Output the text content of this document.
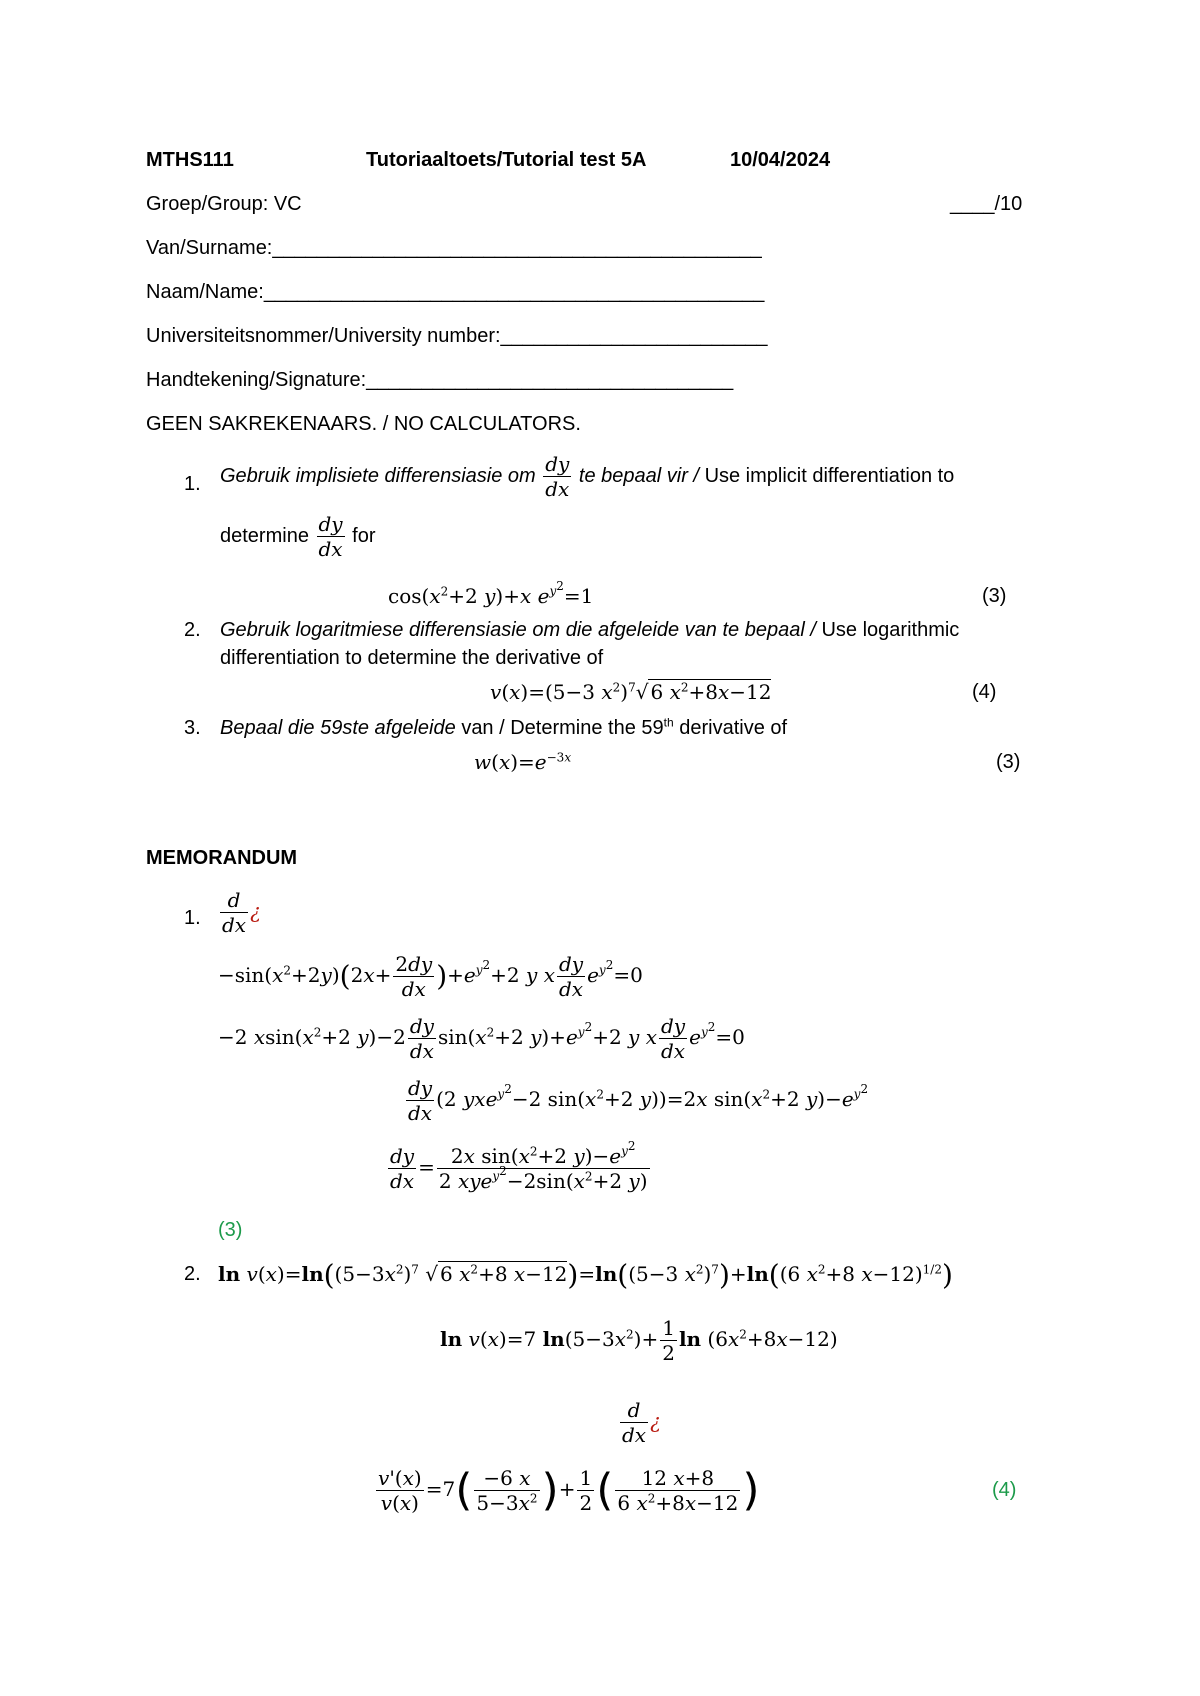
MTHS111	Tutoriaaltoets/Tutorial test 5A	10/04/2024
Groep/Group: VC	____/10
Van/Surname:____________________________________________
Naam/Name:_____________________________________________
Universiteitsnommer/University number:________________________
Handtekening/Signature:_________________________________
GEEN SAKREKENAARS. / NO CALCULATORS.
1. Gebruik implisiete differensiasie om $\frac{dy}{dx}$ te bepaal vir / Use implicit differentiation to
determine $\frac{dy}{dx}$ for
$\cos(x^2+2$ y)+x $e^{y^2}=1$	(3)
2. Gebruik logaritmiese differensiasie om die afgeleide van te bepaal / Use logarithmic
differentiation to determine the derivative of
v(x)=(5−3 $x^2)^7√$ 6 $x^2+8x-12$	(4)
3. Bepaal die 59ste afgeleide van / Determine the 59th derivative of
$w(x)=e^{-3x}$	(3)
MEMORANDUM
1. $\frac{d}{dx}$ ¿
$-\sin(x^2+2y)(2x+ \frac{2dy}{dx} )+e^{y^2}+2$ y x $\frac{dy}{dx} e^{y^2}=0$
−2 $xsin(x^2+2$ $y)-2 \frac{dy}{dx} \sin(x^2+2$ $y)+e^{y^2}+2$ y x $\frac{dy}{dx} e^{y^2}=0$
$\frac{dy}{dx} (2$ yxe$^{y^2}$−2 $\sin(x^2+2$ y))=2x $\sin(x^2+2$ $y)-e^{y^2}$
$\frac{dy}{dx} = \frac{2x \sin(x^2+2 y)-e^{y^2}}{2 xye^{y^2}-2\sin(x^2+2 y)}$
(3)
2. $\ln v(x)=\ln((5-3x^2)^7$ √ 6 $x^2+8$ x−12)=ln((5−3 $x^2)^7)+\ln((6$ $x^2+8$ x−12)$^{1/2}$)
ln v(x)=7 $\ln(5-3x^2)+ \frac{1}{2}$ $\ln (6x^2+8x-12)$
$\frac{d}{dx}$ ¿
$\frac{v'(x)}{v(x)} =7( \frac{-6 x}{5-3x^2}$ )+ $\frac{1}{2}$ ( $\frac{12 x+8}{6 x^2+8x-12}$ )	(4)
